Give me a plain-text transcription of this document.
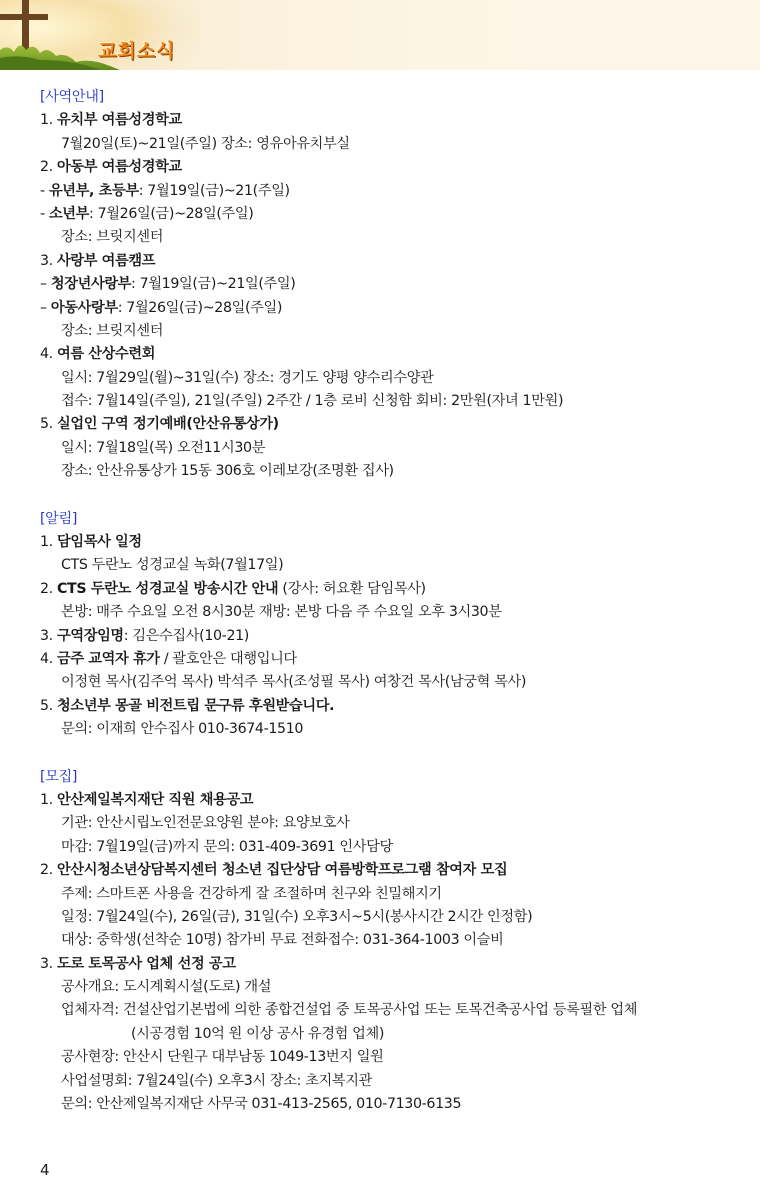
교회소식
[사역안내]
1. 유치부 여름성경학교
7월20일(토)~21일(주일) 장소: 영유아유치부실
2. 아동부 여름성경학교
- 유년부, 초등부: 7월19일(금)~21(주일)
- 소년부: 7월26일(금)~28일(주일)
장소: 브릿지센터
3. 사랑부 여름캠프
– 청장년사랑부: 7월19일(금)~21일(주일)
– 아동사랑부: 7월26일(금)~28일(주일)
장소: 브릿지센터
4. 여름 산상수련회
일시: 7월29일(월)~31일(수) 장소: 경기도 양평 양수리수양관
접수: 7월14일(주일), 21일(주일) 2주간 / 1층 로비 신청함 회비: 2만원(자녀 1만원)
5. 실업인 구역 정기예배(안산유통상가)
일시: 7월18일(목) 오전11시30분
장소: 안산유통상가 15동 306호 이레보강(조명환 집사)
[알림]
1. 담임목사 일정
CTS 두란노 성경교실 녹화(7월17일)
2. CTS 두란노 성경교실 방송시간 안내 (강사: 허요환 담임목사)
본방: 매주 수요일 오전 8시30분 재방: 본방 다음 주 수요일 오후 3시30분
3. 구역장임명: 김은수집사(10-21)
4. 금주 교역자 휴가 / 괄호안은 대행입니다
이정현 목사(김주억 목사) 박석주 목사(조성필 목사) 여창건 목사(남궁혁 목사)
5. 청소년부 몽골 비전트립 문구류 후원받습니다.
문의: 이재희 안수집사 010-3674-1510
[모집]
1. 안산제일복지재단 직원 채용공고
기관: 안산시립노인전문요양원 분야: 요양보호사
마감: 7월19일(금)까지 문의: 031-409-3691 인사담당
2. 안산시청소년상담복지센터 청소년 집단상담 여름방학프로그램 참여자 모집
주제: 스마트폰 사용을 건강하게 잘 조절하며 친구와 친밀해지기
일정: 7월24일(수), 26일(금), 31일(수) 오후3시~5시(봉사시간 2시간 인정함)
대상: 중학생(선착순 10명) 참가비 무료 전화접수: 031-364-1003 이슬비
3. 도로 토목공사 업체 선정 공고
공사개요: 도시계획시설(도로) 개설
업체자격: 건설산업기본법에 의한 종합건설업 중 토목공사업 또는 토목건축공사업 등록필한 업체
(시공경험 10억 원 이상 공사 유경험 업체)
공사현장: 안산시 단원구 대부남동 1049-13번지 일원
사업설명회: 7월24일(수) 오후3시 장소: 초지복지관
문의: 안산제일복지재단 사무국 031-413-2565, 010-7130-6135
4
